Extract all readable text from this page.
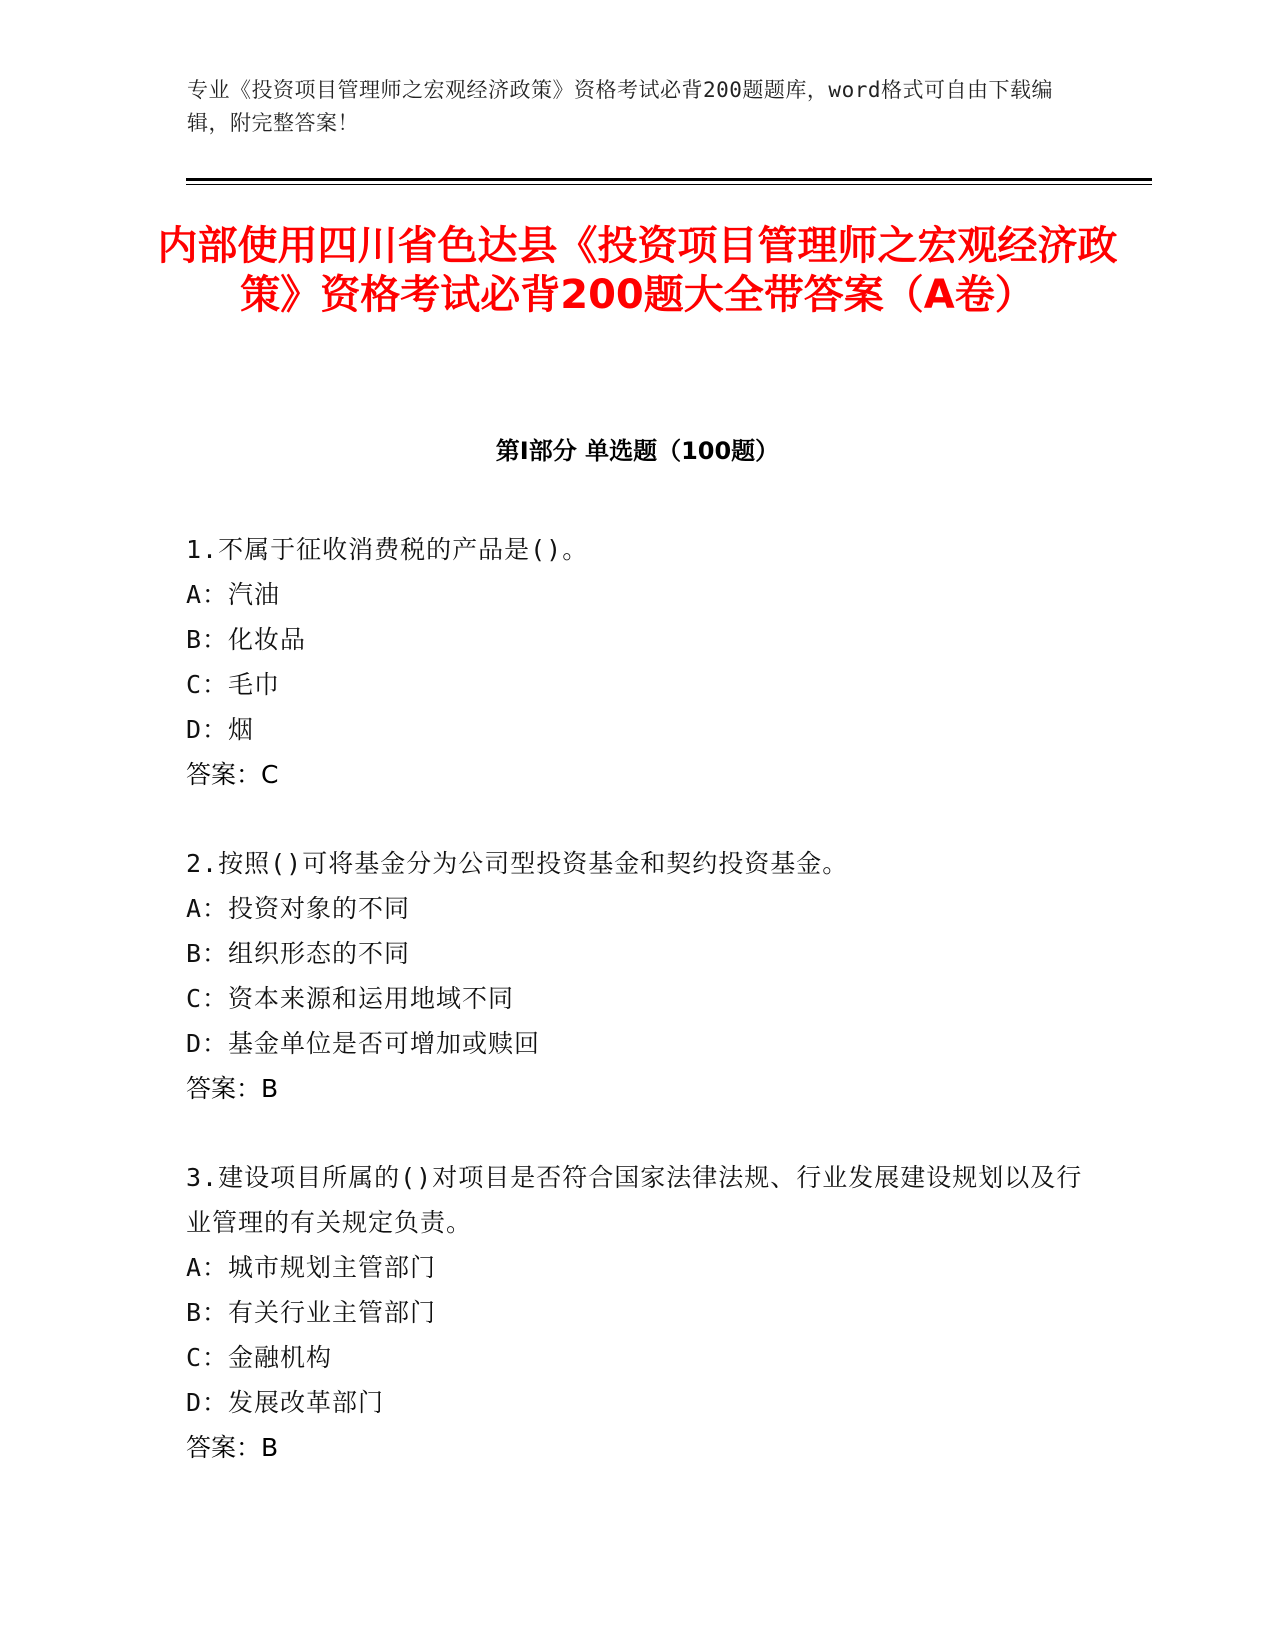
专业《投资项目管理师之宏观经济政策》资格考试必背200题题库，word格式可自由下载编辑，附完整答案！
内部使用四川省色达县《投资项目管理师之宏观经济政策》资格考试必背200题大全带答案（A卷）
第Ⅰ部分 单选题（100题）
1.不属于征收消费税的产品是()。
A：汽油
B：化妆品
C：毛巾
D：烟
答案：C
2.按照()可将基金分为公司型投资基金和契约投资基金。
A：投资对象的不同
B：组织形态的不同
C：资本来源和运用地域不同
D：基金单位是否可增加或赎回
答案：B
3.建设项目所属的()对项目是否符合国家法律法规、行业发展建设规划以及行业管理的有关规定负责。
A：城市规划主管部门
B：有关行业主管部门
C：金融机构
D：发展改革部门
答案：B
